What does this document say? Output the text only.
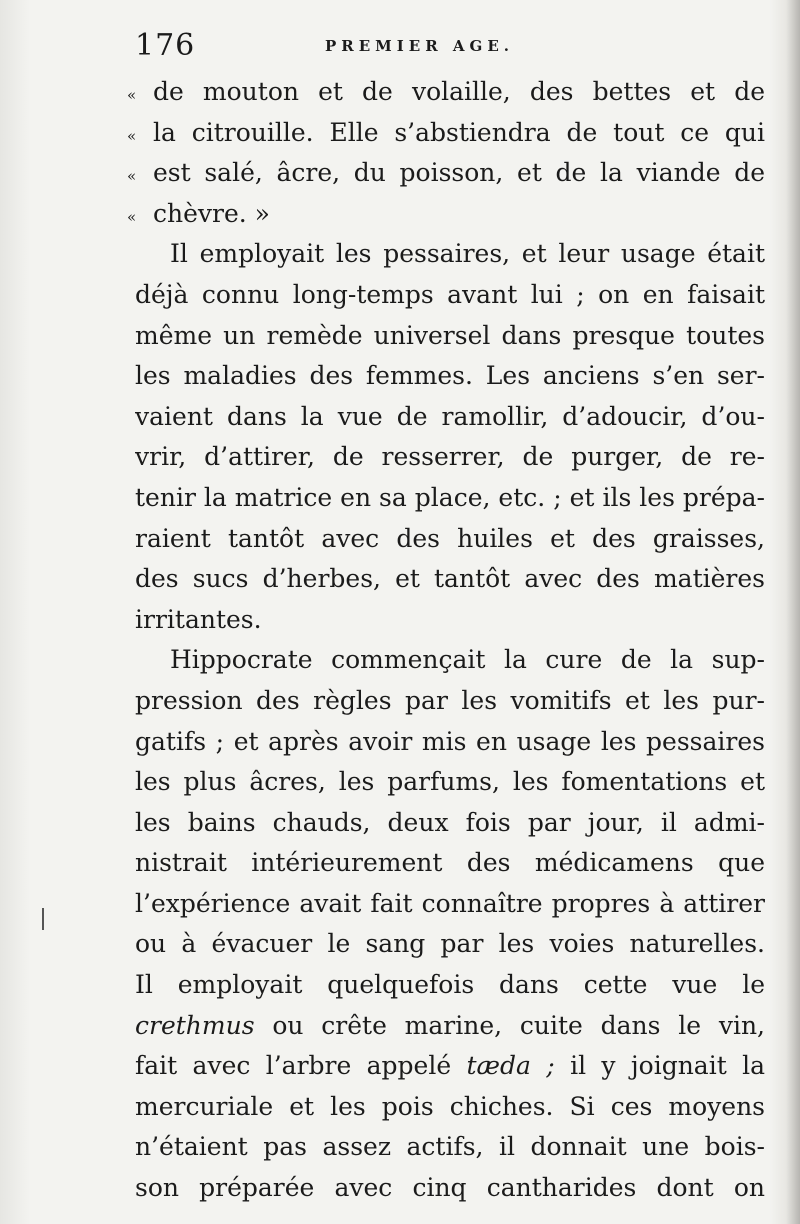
176	PREMIER AGE.
« de mouton et de volaille, des bettes et de
« la citrouille. Elle s’abstiendra de tout ce qui
« est salé, âcre, du poisson, et de la viande de
« chèvre. »
Il employait les pessaires, et leur usage était
déjà connu long-temps avant lui ; on en faisait
même un remède universel dans presque toutes
les maladies des femmes. Les anciens s’en ser-
vaient dans la vue de ramollir, d’adoucir, d’ou-
vrir, d’attirer, de resserrer, de purger, de re-
tenir la matrice en sa place, etc. ; et ils les prépa-
raient tantôt avec des huiles et des graisses,
des sucs d’herbes, et tantôt avec des matières
irritantes.
Hippocrate commençait la cure de la sup-
pression des règles par les vomitifs et les pur-
gatifs ; et après avoir mis en usage les pessaires
les plus âcres, les parfums, les fomentations et
les bains chauds, deux fois par jour, il admi-
nistrait intérieurement des médicamens que
l’expérience avait fait connaître propres à attirer
ou à évacuer le sang par les voies naturelles.
Il employait quelquefois dans cette vue le
crethmus ou crête marine, cuite dans le vin,
fait avec l’arbre appelé tæda ; il y joignait la
mercuriale et les pois chiches. Si ces moyens
n’étaient pas assez actifs, il donnait une bois-
son préparée avec cinq cantharides dont on
